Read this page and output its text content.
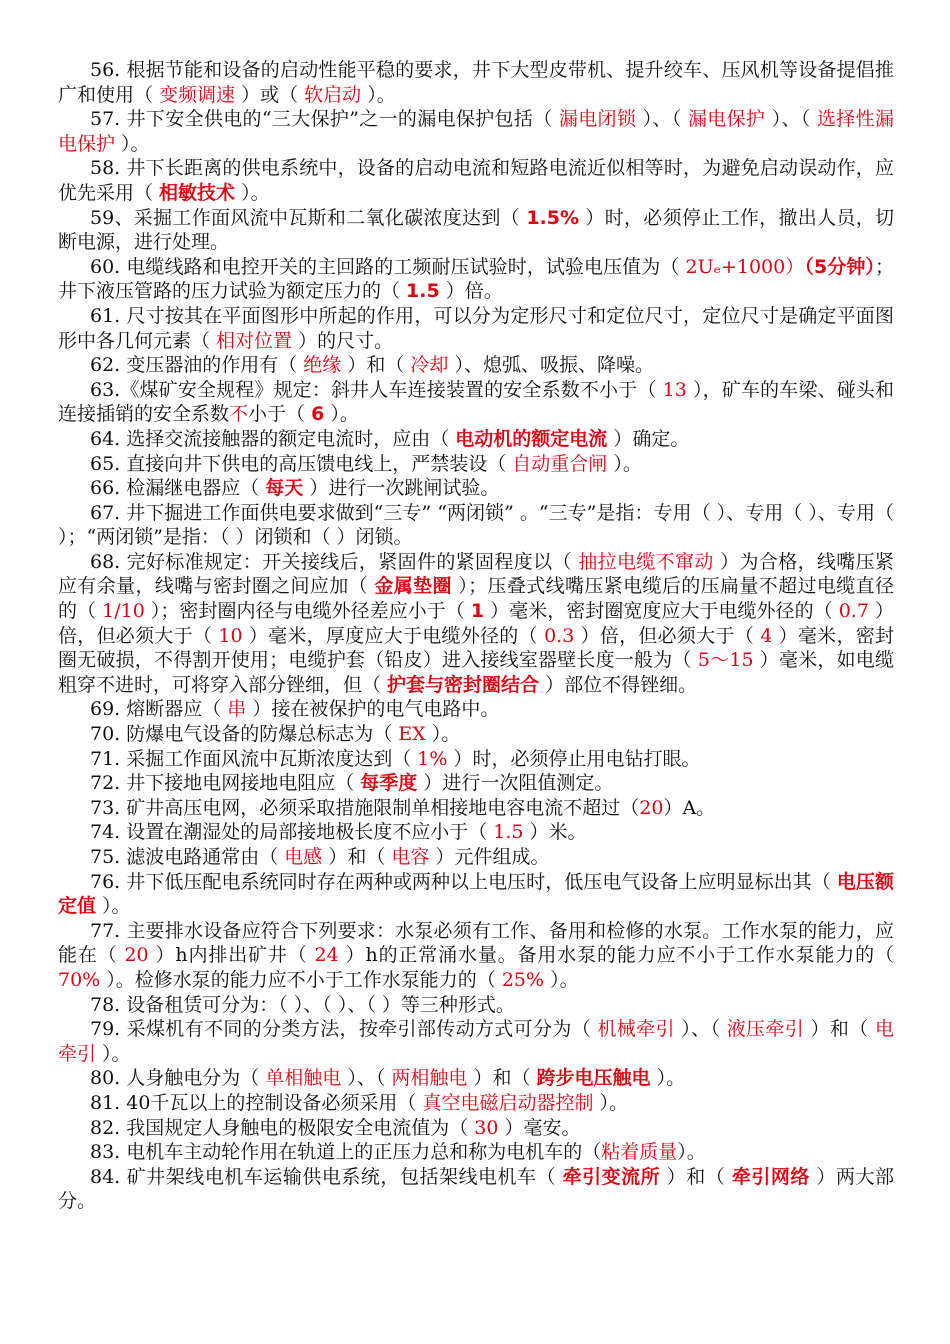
56. 根据节能和设备的启动性能平稳的要求，井下大型皮带机、提升绞车、压风机等设备提倡推广和使用（ 变频调速 ）或（ 软启动 ）。

57. 井下安全供电的“三大保护”之一的漏电保护包括（ 漏电闭锁 ）、（ 漏电保护 ）、（ 选择性漏电保护 ）。

58. 井下长距离的供电系统中，设备的启动电流和短路电流近似相等时，为避免启动误动作，应优先采用（ 相敏技术 ）。

59、采掘工作面风流中瓦斯和二氧化碳浓度达到（ 1.5% ）时，必须停止工作，撤出人员，切断电源，进行处理。

60. 电缆线路和电控开关的主回路的工频耐压试验时，试验电压值为（ 2Uₑ+1000）（5分钟）；井下液压管路的压力试验为额定压力的（ 1.5 ）倍。

61. 尺寸按其在平面图形中所起的作用，可以分为定形尺寸和定位尺寸，定位尺寸是确定平面图形中各几何元素（ 相对位置 ）的尺寸。

62. 变压器油的作用有（ 绝缘 ）和（ 冷却 ）、熄弧、吸振、降噪。

63.《煤矿安全规程》规定：斜井人车连接装置的安全系数不小于（ 13 ），矿车的车梁、碰头和连接插销的安全系数不小于（ 6 ）。

64. 选择交流接触器的额定电流时，应由（ 电动机的额定电流 ）确定。

65. 直接向井下供电的高压馈电线上，严禁装设（ 自动重合闸 ）。

66. 检漏继电器应（ 每天 ）进行一次跳闸试验。

67. 井下掘进工作面供电要求做到“三专” “两闭锁” 。“三专”是指：专用（ ）、专用（ ）、专用（ ）；“两闭锁”是指：（ ）闭锁和（ ）闭锁。

68. 完好标准规定：开关接线后，紧固件的紧固程度以（ 抽拉电缆不窜动 ）为合格，线嘴压紧应有余量，线嘴与密封圈之间应加（ 金属垫圈 ）；压叠式线嘴压紧电缆后的压扁量不超过电缆直径的（ 1/10 ）；密封圈内径与电缆外径差应小于（ 1 ）毫米，密封圈宽度应大于电缆外径的（ 0.7 ）倍，但必须大于（ 10 ）毫米，厚度应大于电缆外径的（ 0.3 ）倍，但必须大于（ 4 ）毫米，密封圈无破损，不得割开使用；电缆护套（铅皮）进入接线室器壁长度一般为（ 5～15 ）毫米，如电缆粗穿不进时，可将穿入部分锉细，但（ 护套与密封圈结合 ）部位不得锉细。

69. 熔断器应（ 串 ）接在被保护的电气电路中。

70. 防爆电气设备的防爆总标志为（ EX ）。

71. 采掘工作面风流中瓦斯浓度达到（ 1% ）时，必须停止用电钻打眼。

72. 井下接地电网接地电阻应（ 每季度 ）进行一次阻值测定。

73. 矿井高压电网，必须采取措施限制单相接地电容电流不超过（20）A。

74. 设置在潮湿处的局部接地极长度不应小于（ 1.5 ）米。

75. 滤波电路通常由（ 电感 ）和（ 电容 ）元件组成。

76. 井下低压配电系统同时存在两种或两种以上电压时，低压电气设备上应明显标出其（ 电压额定值 ）。

77. 主要排水设备应符合下列要求：水泵必须有工作、备用和检修的水泵。工作水泵的能力，应能在（ 20 ）h内排出矿井（ 24 ）h的正常涌水量。备用水泵的能力应不小于工作水泵能力的（ 70% ）。检修水泵的能力应不小于工作水泵能力的（ 25% ）。

78. 设备租赁可分为：（ ）、（ ）、（ ）等三种形式。

79. 采煤机有不同的分类方法，按牵引部传动方式可分为（ 机械牵引 ）、（ 液压牵引 ）和（ 电牵引 ）。

80. 人身触电分为（ 单相触电 ）、（ 两相触电 ）和（ 跨步电压触电 ）。

81. 40千瓦以上的控制设备必须采用（ 真空电磁启动器控制 ）。

82. 我国规定人身触电的极限安全电流值为（ 30 ）毫安。

83. 电机车主动轮作用在轨道上的正压力总和称为电机车的（粘着质量）。

84. 矿井架线电机车运输供电系统，包括架线电机车（ 牵引变流所 ）和（ 牵引网络 ）两大部分。
